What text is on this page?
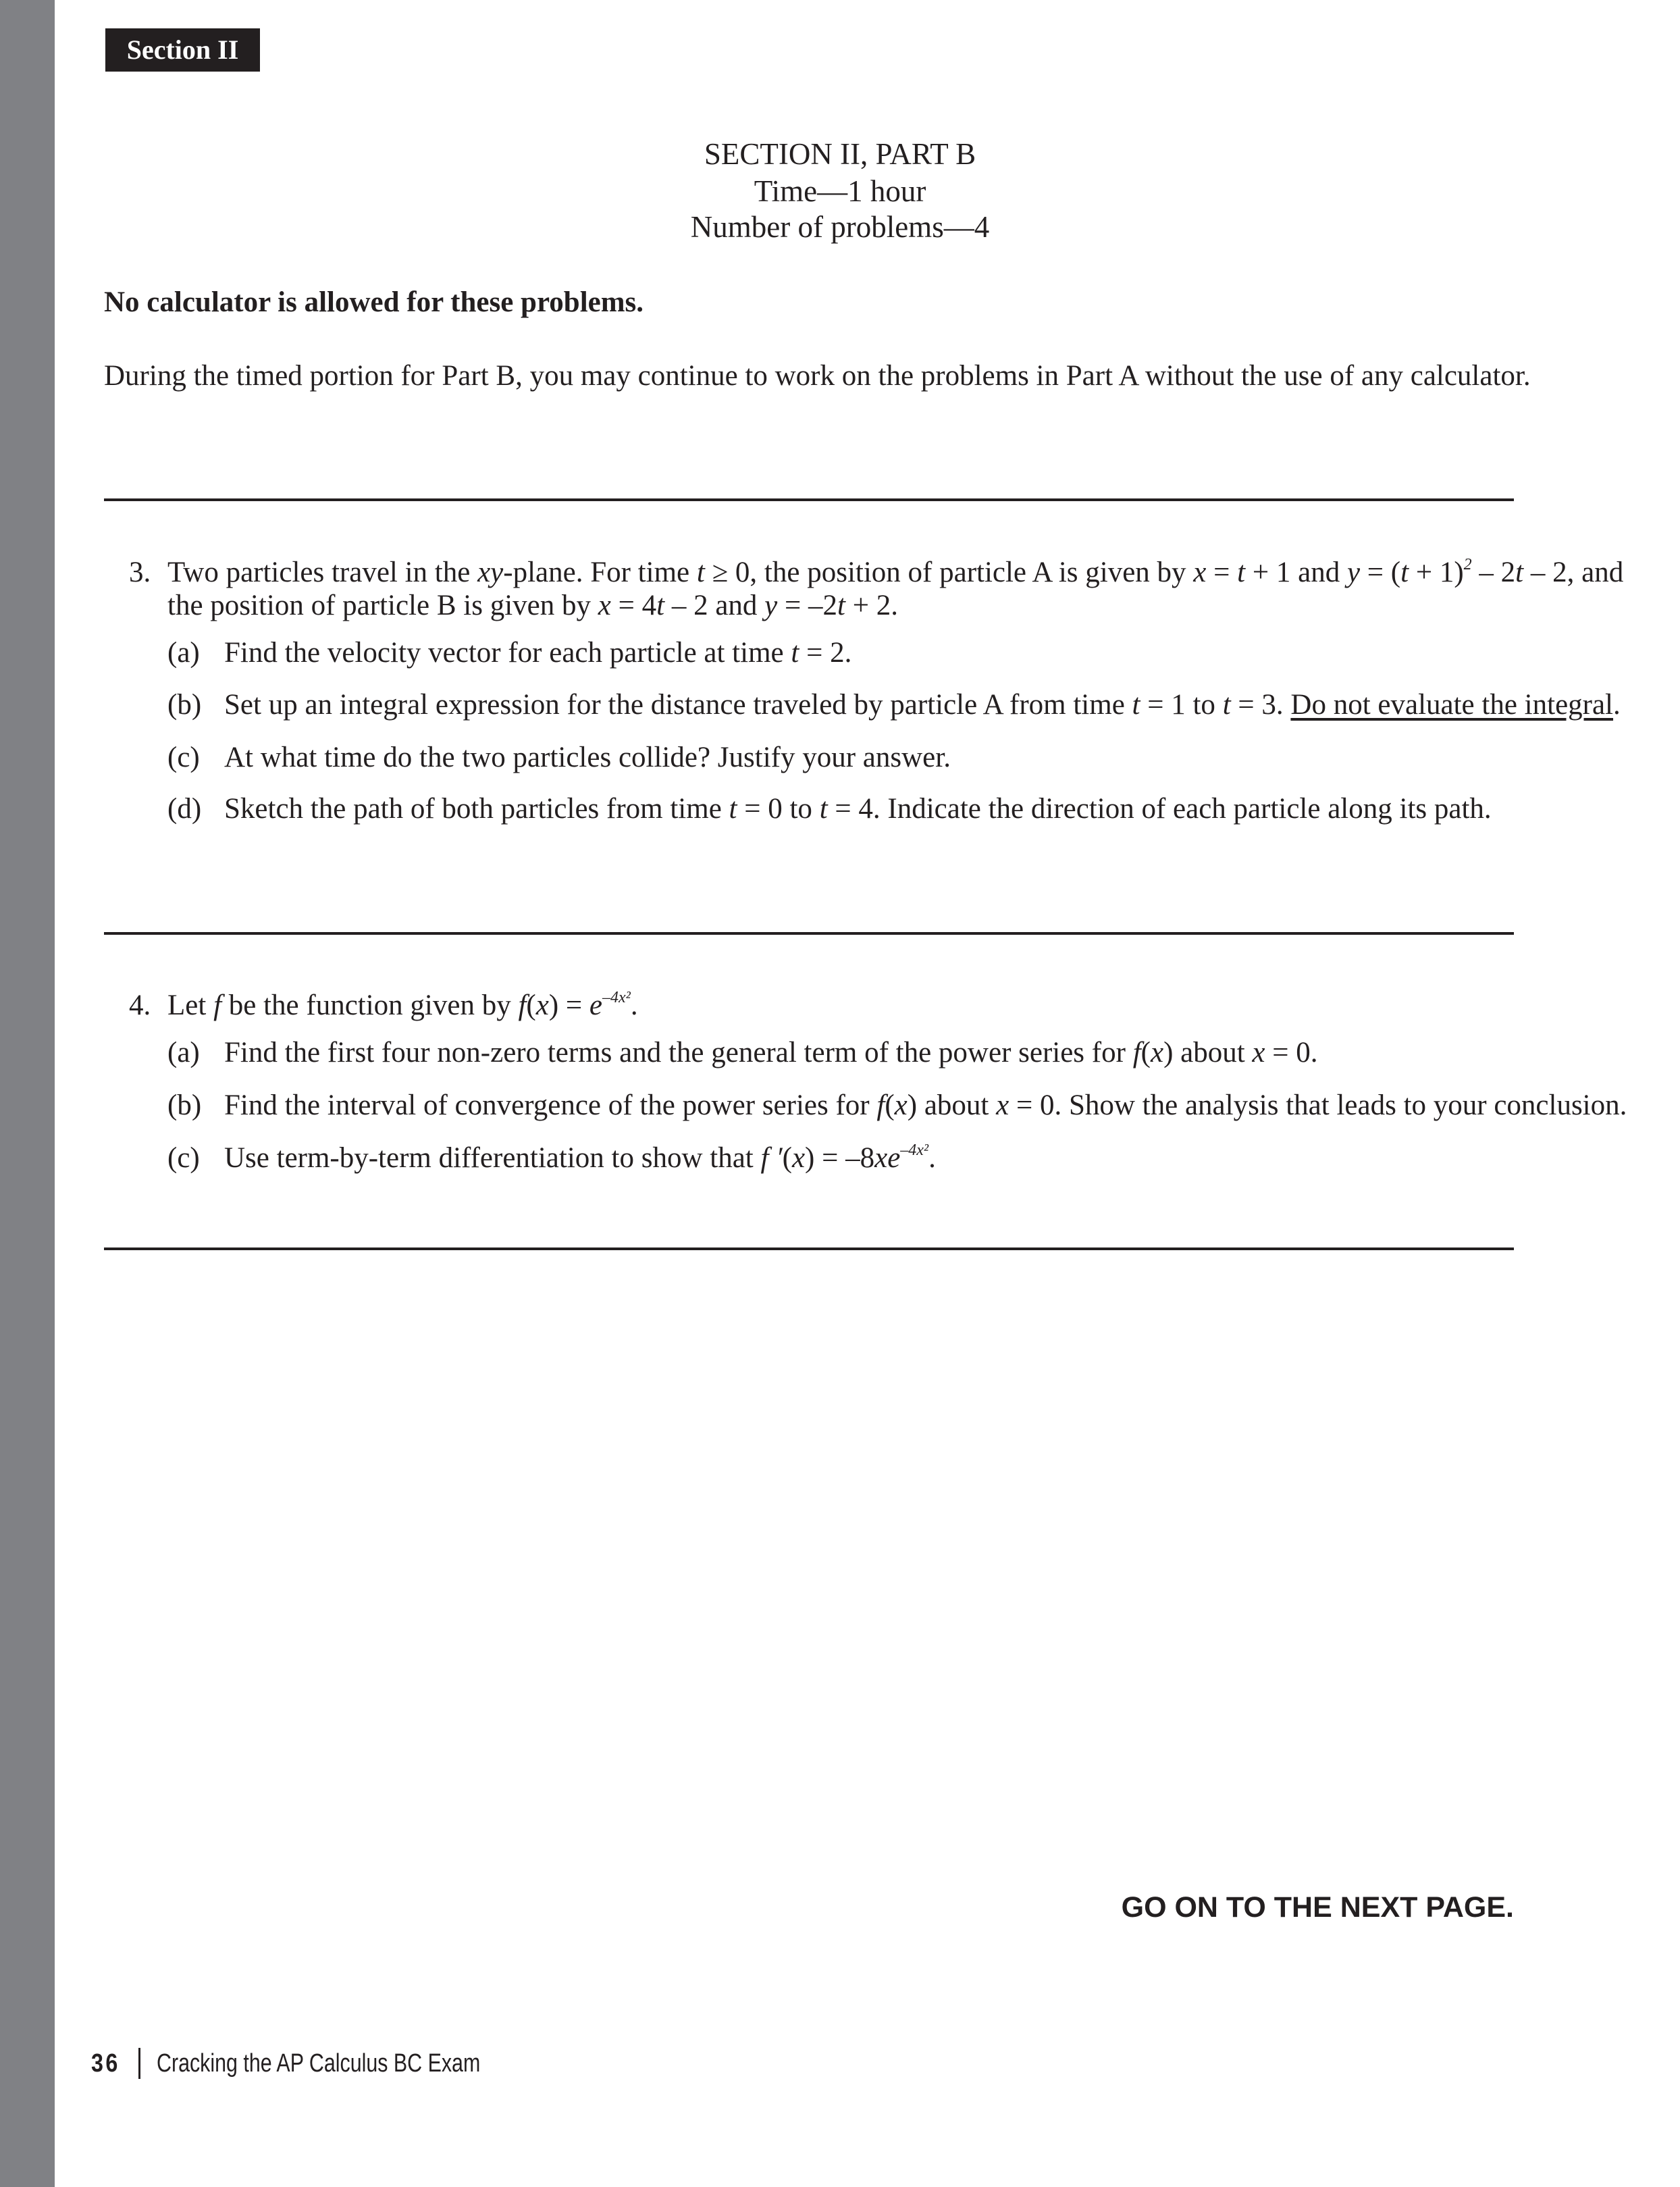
Section II
SECTION II, PART B
Time—1 hour
Number of problems—4
No calculator is allowed for these problems.
During the timed portion for Part B, you may continue to work on the problems in Part A without the use of any calculator.
3. Two particles travel in the xy-plane. For time t ≥ 0, the position of particle A is given by x = t + 1 and $y = (t + 1)^2 - 2t - 2$, and
the position of particle B is given by x = 4t – 2 and y = –2t + 2.
(a) Find the velocity vector for each particle at time t = 2.
(b) Set up an integral expression for the distance traveled by particle A from time t = 1 to t = 3. Do not evaluate the integral.
(c) At what time do the two particles collide? Justify your answer.
(d) Sketch the path of both particles from time t = 0 to t = 4. Indicate the direction of each particle along its path.
4. Let f be the function given by $f(x) = e^{-4x^2}$.
(a) Find the first four non-zero terms and the general term of the power series for f(x) about x = 0.
(b) Find the interval of convergence of the power series for f(x) about x = 0. Show the analysis that leads to your conclusion.
(c) Use term-by-term differentiation to show that f $'(x) = -8xe^{-4x^2}$.
GO ON TO THE NEXT PAGE.
36 Cracking the AP Calculus BC Exam
